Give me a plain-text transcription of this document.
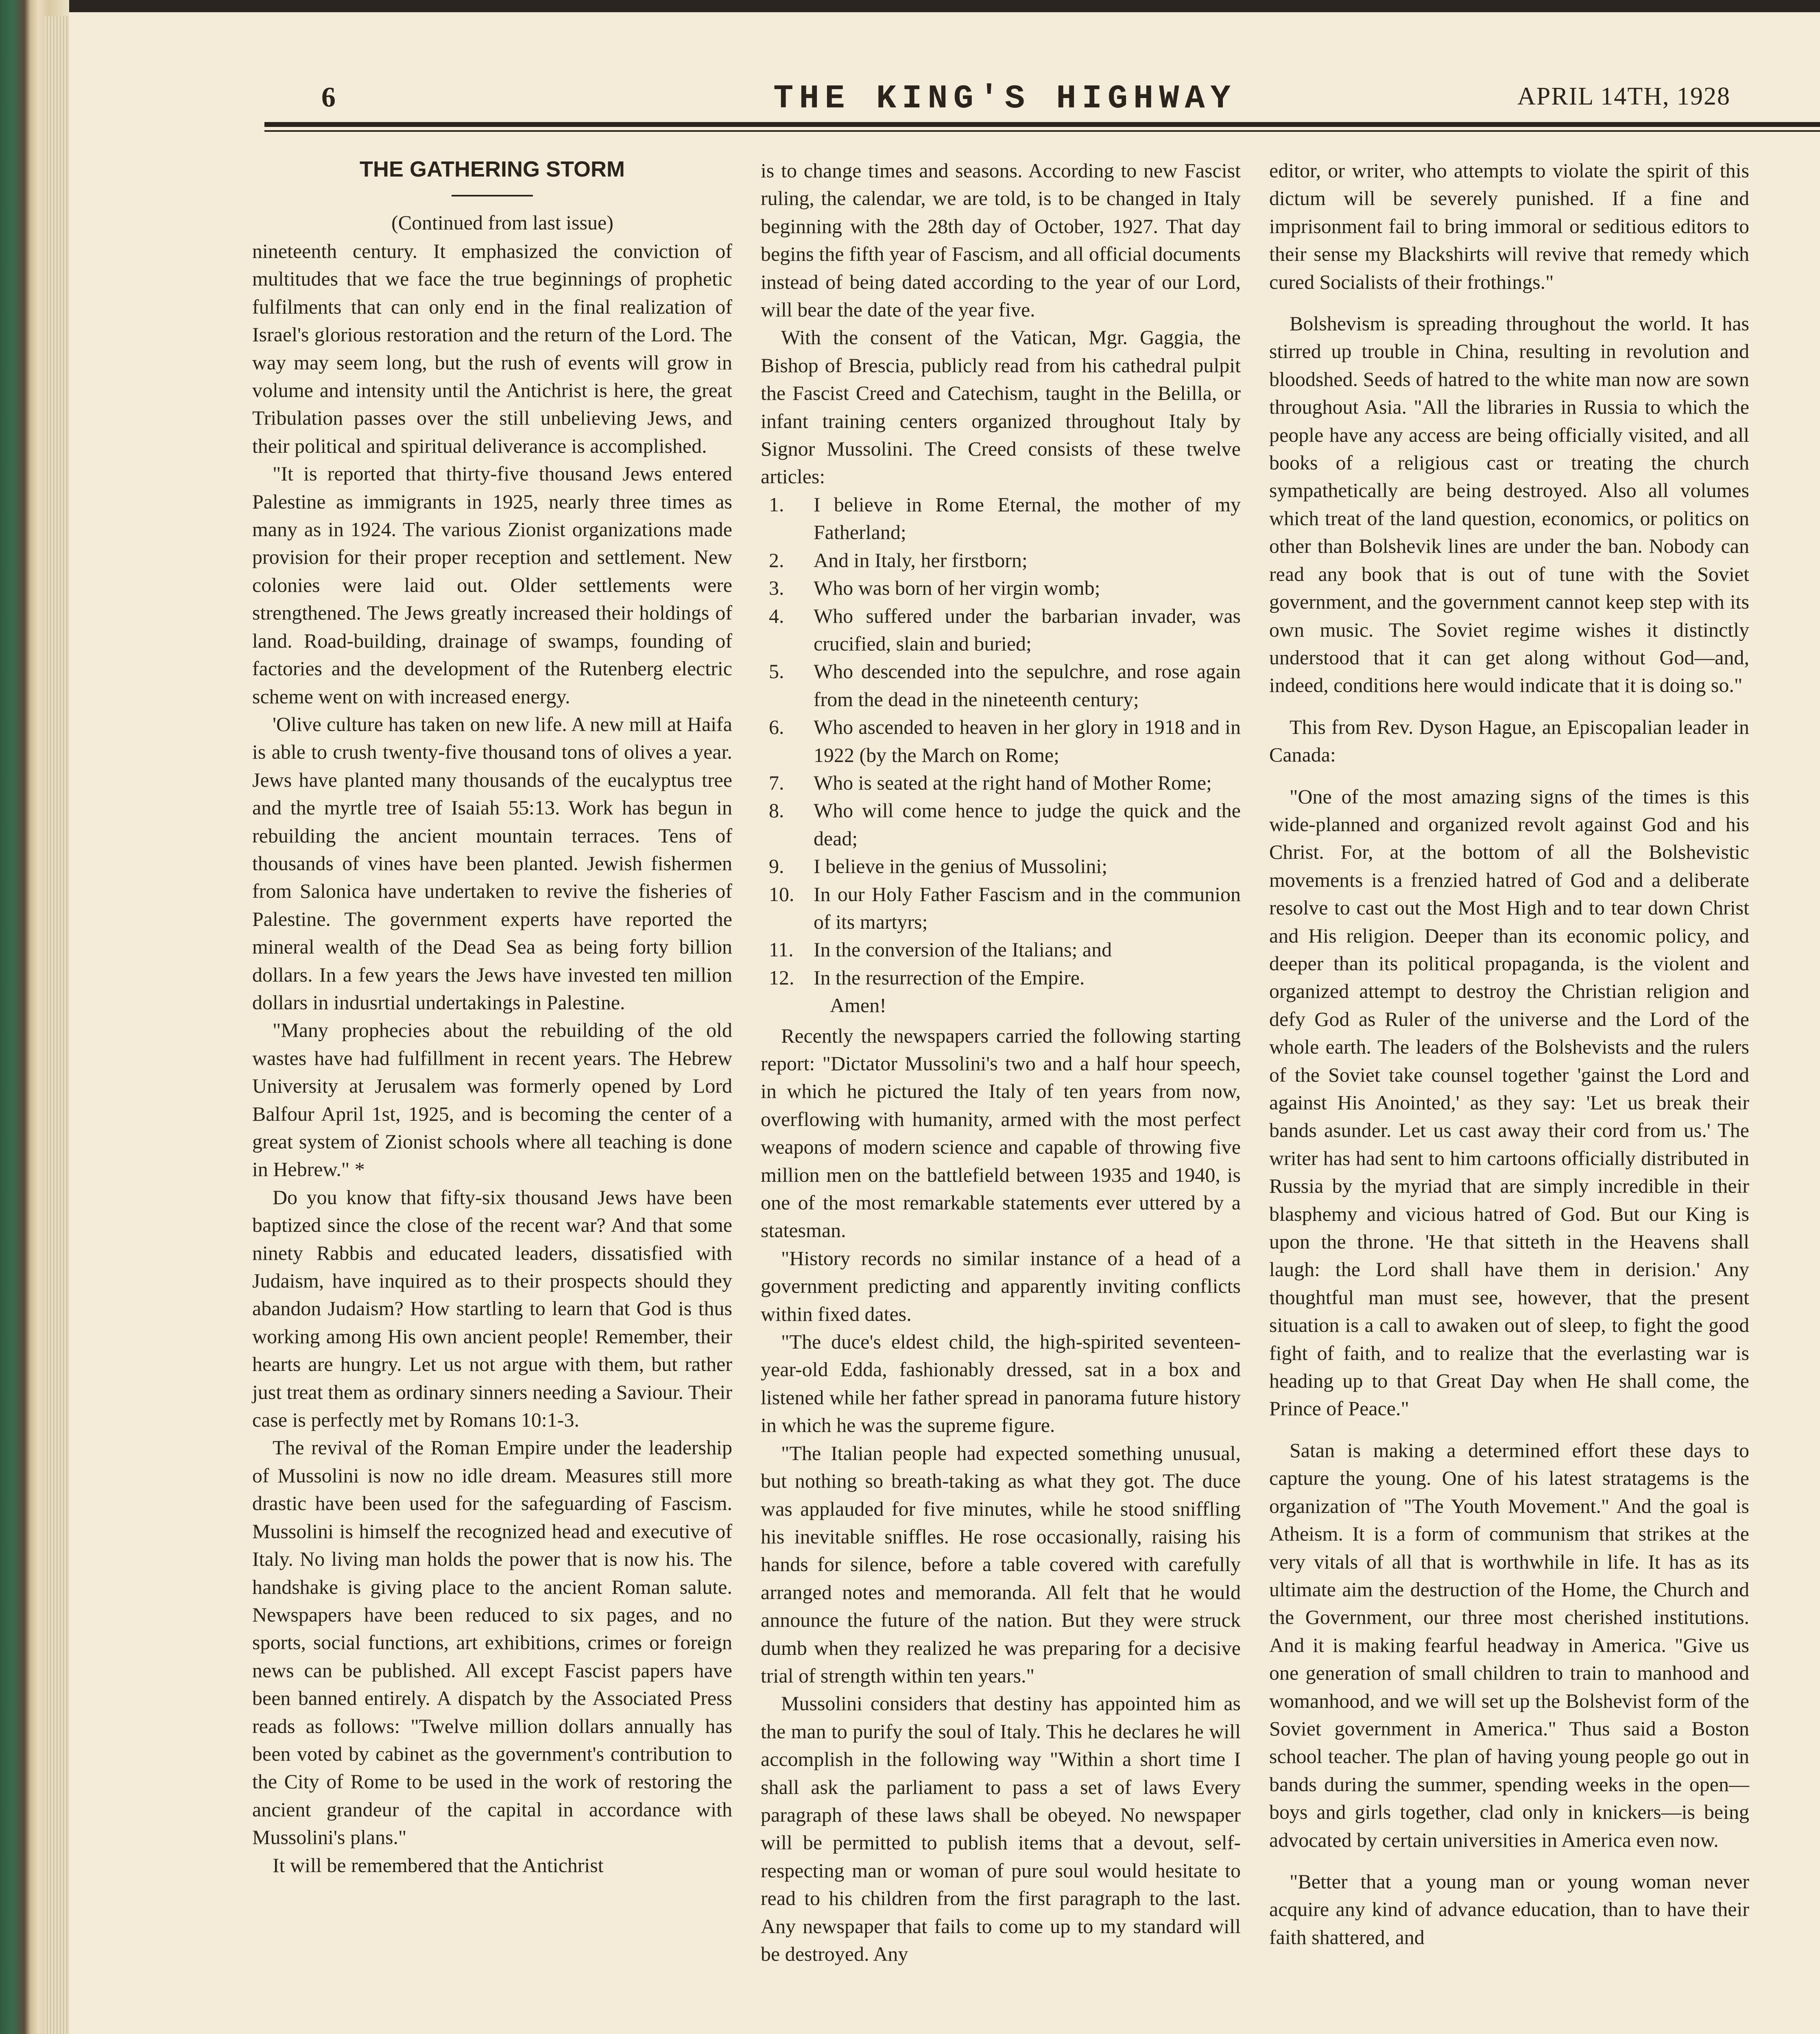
6	THE KING'S HIGHWAY	APRIL 14TH, 1928
THE GATHERING STORM

(Continued from last issue)

nineteenth century. It emphasized the conviction of multitudes that we face the true beginnings of prophetic fulfilments that can only end in the final realization of Israel's glorious restoration and the return of the Lord. The way may seem long, but the rush of events will grow in volume and intensity until the Antichrist is here, the great Tribulation passes over the still unbelieving Jews, and their political and spiritual deliverance is accomplished.

"It is reported that thirty-five thousand Jews entered Palestine as immigrants in 1925, nearly three times as many as in 1924. The various Zionist organizations made provision for their proper reception and settlement. New colonies were laid out. Older settlements were strengthened. The Jews greatly increased their holdings of land. Road-building, drainage of swamps, founding of factories and the development of the Rutenberg electric scheme went on with increased energy.

'Olive culture has taken on new life. A new mill at Haifa is able to crush twenty-five thousand tons of olives a year. Jews have planted many thousands of the eucalyptus tree and the myrtle tree of Isaiah 55:13. Work has begun in rebuilding the ancient mountain terraces. Tens of thousands of vines have been planted. Jewish fishermen from Salonica have undertaken to revive the fisheries of Palestine. The government experts have reported the mineral wealth of the Dead Sea as being forty billion dollars. In a few years the Jews have invested ten million dollars in indusrtial undertakings in Palestine.

"Many prophecies about the rebuilding of the old wastes have had fulfillment in recent years. The Hebrew University at Jerusalem was formerly opened by Lord Balfour April 1st, 1925, and is becoming the center of a great system of Zionist schools where all teaching is done in Hebrew." *

Do you know that fifty-six thousand Jews have been baptized since the close of the recent war? And that some ninety Rabbis and educated leaders, dissatisfied with Judaism, have inquired as to their prospects should they abandon Judaism? How startling to learn that God is thus working among His own ancient people! Remember, their hearts are hungry. Let us not argue with them, but rather just treat them as ordinary sinners needing a Saviour. Their case is perfectly met by Romans 10:1-3.

The revival of the Roman Empire under the leadership of Mussolini is now no idle dream. Measures still more drastic have been used for the safeguarding of Fascism. Mussolini is himself the recognized head and executive of Italy. No living man holds the power that is now his. The handshake is giving place to the ancient Roman salute. Newspapers have been reduced to six pages, and no sports, social functions, art exhibitions, crimes or foreign news can be published. All except Fascist papers have been banned entirely. A dispatch by the Associated Press reads as follows: "Twelve million dollars annually has been voted by cabinet as the government's contribution to the City of Rome to be used in the work of restoring the ancient grandeur of the capital in accordance with Mussolini's plans."

It will be remembered that the Antichrist

is to change times and seasons. According to new Fascist ruling, the calendar, we are told, is to be changed in Italy beginning with the 28th day of October, 1927. That day begins the fifth year of Fascism, and all official documents instead of being dated according to the year of our Lord, will bear the date of the year five.

With the consent of the Vatican, Mgr. Gaggia, the Bishop of Brescia, publicly read from his cathedral pulpit the Fascist Creed and Catechism, taught in the Belilla, or infant training centers organized throughout Italy by Signor Mussolini. The Creed consists of these twelve articles:

1.	I believe in Rome Eternal, the mother of my Fatherland;
2.	And in Italy, her firstborn;
3.	Who was born of her virgin womb;
4.	Who suffered under the barbarian invader, was crucified, slain and buried;
5.	Who descended into the sepulchre, and rose again from the dead in the nineteenth century;
6.	Who ascended to heaven in her glory in 1918 and in 1922 (by the March on Rome;
7.	Who is seated at the right hand of Mother Rome;
8.	Who will come hence to judge the quick and the dead;
9.	I believe in the genius of Mussolini;
10. In our Holy Father Fascism and in the communion of its martyrs;
11. In the conversion of the Italians; and
12. In the resurrection of the Empire.
Amen!

Recently the newspapers carried the following starting report: "Dictator Mussolini's two and a half hour speech, in which he pictured the Italy of ten years from now, overflowing with humanity, armed with the most perfect weapons of modern science and capable of throwing five million men on the battlefield between 1935 and 1940, is one of the most remarkable statements ever uttered by a statesman.

"History records no similar instance of a head of a government predicting and apparently inviting conflicts within fixed dates.

"The duce's eldest child, the high-spirited seventeen-year-old Edda, fashionably dressed, sat in a box and listened while her father spread in panorama future history in which he was the supreme figure.

"The Italian people had expected something unusual, but nothing so breath-taking as what they got. The duce was applauded for five minutes, while he stood sniffling his inevitable sniffles. He rose occasionally, raising his hands for silence, before a table covered with carefully arranged notes and memoranda. All felt that he would announce the future of the nation. But they were struck dumb when they realized he was preparing for a decisive trial of strength within ten years."

Mussolini considers that destiny has appointed him as the man to purify the soul of Italy. This he declares he will accomplish in the following way "Within a short time I shall ask the parliament to pass a set of laws Every paragraph of these laws shall be obeyed. No newspaper will be permitted to publish items that a devout, self-respecting man or woman of pure soul would hesitate to read to his children from the first paragraph to the last. Any newspaper that fails to come up to my standard will be destroyed. Any

editor, or writer, who attempts to violate the spirit of this dictum will be severely punished. If a fine and imprisonment fail to bring immoral or seditious editors to their sense my Blackshirts will revive that remedy which cured Socialists of their frothings."

Bolshevism is spreading throughout the world. It has stirred up trouble in China, resulting in revolution and bloodshed. Seeds of hatred to the white man now are sown throughout Asia. "All the libraries in Russia to which the people have any access are being officially visited, and all books of a religious cast or treating the church sympathetically are being destroyed. Also all volumes which treat of the land question, economics, or politics on other than Bolshevik lines are under the ban. Nobody can read any book that is out of tune with the Soviet government, and the government cannot keep step with its own music. The Soviet regime wishes it distinctly understood that it can get along without God—and, indeed, conditions here would indicate that it is doing so."

This from Rev. Dyson Hague, an Episcopalian leader in Canada:

"One of the most amazing signs of the times is this wide-planned and organized revolt against God and his Christ. For, at the bottom of all the Bolshevistic movements is a frenzied hatred of God and a deliberate resolve to cast out the Most High and to tear down Christ and His religion. Deeper than its economic policy, and deeper than its political propaganda, is the violent and organized attempt to destroy the Christian religion and defy God as Ruler of the universe and the Lord of the whole earth. The leaders of the Bolshevists and the rulers of the Soviet take counsel together 'gainst the Lord and against His Anointed,' as they say: 'Let us break their bands asunder. Let us cast away their cord from us.' The writer has had sent to him cartoons officially distributed in Russia by the myriad that are simply incredible in their blasphemy and vicious hatred of God. But our King is upon the throne. 'He that sitteth in the Heavens shall laugh: the Lord shall have them in derision.' Any thoughtful man must see, however, that the present situation is a call to awaken out of sleep, to fight the good fight of faith, and to realize that the everlasting war is heading up to that Great Day when He shall come, the Prince of Peace."

Satan is making a determined effort these days to capture the young. One of his latest stratagems is the organization of "The Youth Movement." And the goal is Atheism. It is a form of communism that strikes at the very vitals of all that is worthwhile in life. It has as its ultimate aim the destruction of the Home, the Church and the Government, our three most cherished institutions. And it is making fearful headway in America. "Give us one generation of small children to train to manhood and womanhood, and we will set up the Bolshevist form of the Soviet government in America." Thus said a Boston school teacher. The plan of having young people go out in bands during the summer, spending weeks in the open—boys and girls together, clad only in knickers—is being advocated by certain universities in America even now.

"Better that a young man or young woman never acquire any kind of advance education, than to have their faith shattered, and
